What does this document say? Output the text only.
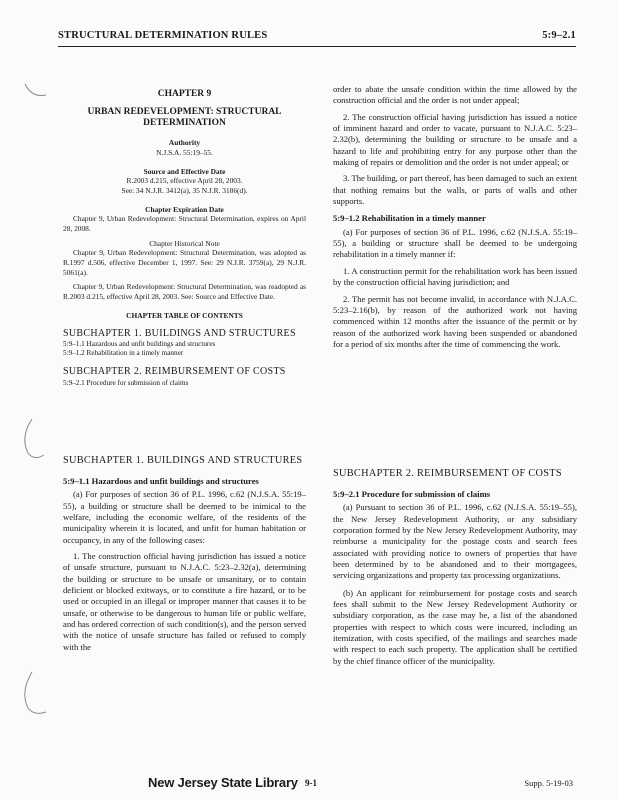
STRUCTURAL DETERMINATION RULES	5:9–2.1
CHAPTER 9
URBAN REDEVELOPMENT: STRUCTURAL DETERMINATION
Authority
N.J.S.A. 55:19–55.
Source and Effective Date
R.2003 d.215, effective April 28, 2003.
See: 34 N.J.R. 3412(a), 35 N.J.R. 3186(d).
Chapter Expiration Date

Chapter 9, Urban Redevelopment: Structural Determination, expires on April 28, 2008.

Chapter Historical Note

Chapter 9, Urban Redevelopment: Structural Determination, was adopted as R.1997 d.506, effective December 1, 1997. See: 29 N.J.R. 3759(a), 29 N.J.R. 5061(a).

Chapter 9, Urban Redevelopment: Structural Determination, was readopted as R.2003 d.215, effective April 28, 2003. See: Source and Effective Date.

CHAPTER TABLE OF CONTENTS
SUBCHAPTER 1. BUILDINGS AND STRUCTURES
5:9–1.1 Hazardous and unfit buildings and structures
5:9–1.2 Rehabilitation in a timely manner
SUBCHAPTER 2. REIMBURSEMENT OF COSTS
5:9–2.1 Procedure for submission of claims

order to abate the unsafe condition within the time allowed by the construction official and the order is not under appeal;

2. The construction official having jurisdiction has issued a notice of imminent hazard and order to vacate, pursuant to N.J.A.C. 5:23–2.32(b), determining the building or structure to be unsafe and a hazard to life and prohibiting entry for any purpose other than the making of repairs or demolition and the order is not under appeal; or

3. The building, or part thereof, has been damaged to such an extent that nothing remains but the walls, or parts of walls and other supports.

5:9–1.2 Rehabilitation in a timely manner

(a) For purposes of section 36 of P.L. 1996, c.62 (N.J.S.A. 55:19–55), a building or structure shall be deemed to be undergoing rehabilitation in a timely manner if:

1. A construction permit for the rehabilitation work has been issued by the construction official having jurisdiction; and

2. The permit has not become invalid, in accordance with N.J.A.C. 5:23–2.16(b), by reason of the authorized work not having commenced within 12 months after the issuance of the permit or by reason of the authorized work having been suspended or abandoned for a period of six months after the time of commencing the work.

SUBCHAPTER 1. BUILDINGS AND STRUCTURES
5:9–1.1 Hazardous and unfit buildings and structures

(a) For purposes of section 36 of P.L. 1996, c.62 (N.J.S.A. 55:19–55), a building or structure shall be deemed to be inimical to the welfare, including the economic welfare, of the residents of the municipality wherein it is located, and unfit for human habitation or occupancy, in any of the following cases:

1. The construction official having jurisdiction has issued a notice of unsafe structure, pursuant to N.J.A.C. 5:23–2.32(a), determining the building or structure to be unsafe or unsanitary, or to contain deficient or blocked exitways, or to constitute a fire hazard, or to be used or occupied in an illegal or improper manner that causes it to be unsafe, or otherwise to be dangerous to human life or public welfare, and has ordered correction of such condition(s), and the person served with the notice of unsafe structure has failed or refused to comply with the

SUBCHAPTER 2. REIMBURSEMENT OF COSTS
5:9–2.1 Procedure for submission of claims

(a) Pursuant to section 36 of P.L. 1996, c.62 (N.J.S.A. 55:19–55), the New Jersey Redevelopment Authority, or any subsidiary corporation formed by the New Jersey Redevelopment Authority, may reimburse a municipality for the postage costs and search fees associated with providing notice to owners of properties that have been determined by to be abandoned and to their mortgagees, servicing organizations and property tax processing organizations.

(b) An applicant for reimbursement for postage costs and search fees shall submit to the New Jersey Redevelopment Authority or subsidiary corporation, as the case may be, a list of the abandoned properties with respect to which costs were incurred, including an itemization, with costs specified, of the mailings and searches made with respect to each such property. The application shall be certified by the chief finance officer of the municipality.

New Jersey State Library 9-1	Supp. 5-19-03
